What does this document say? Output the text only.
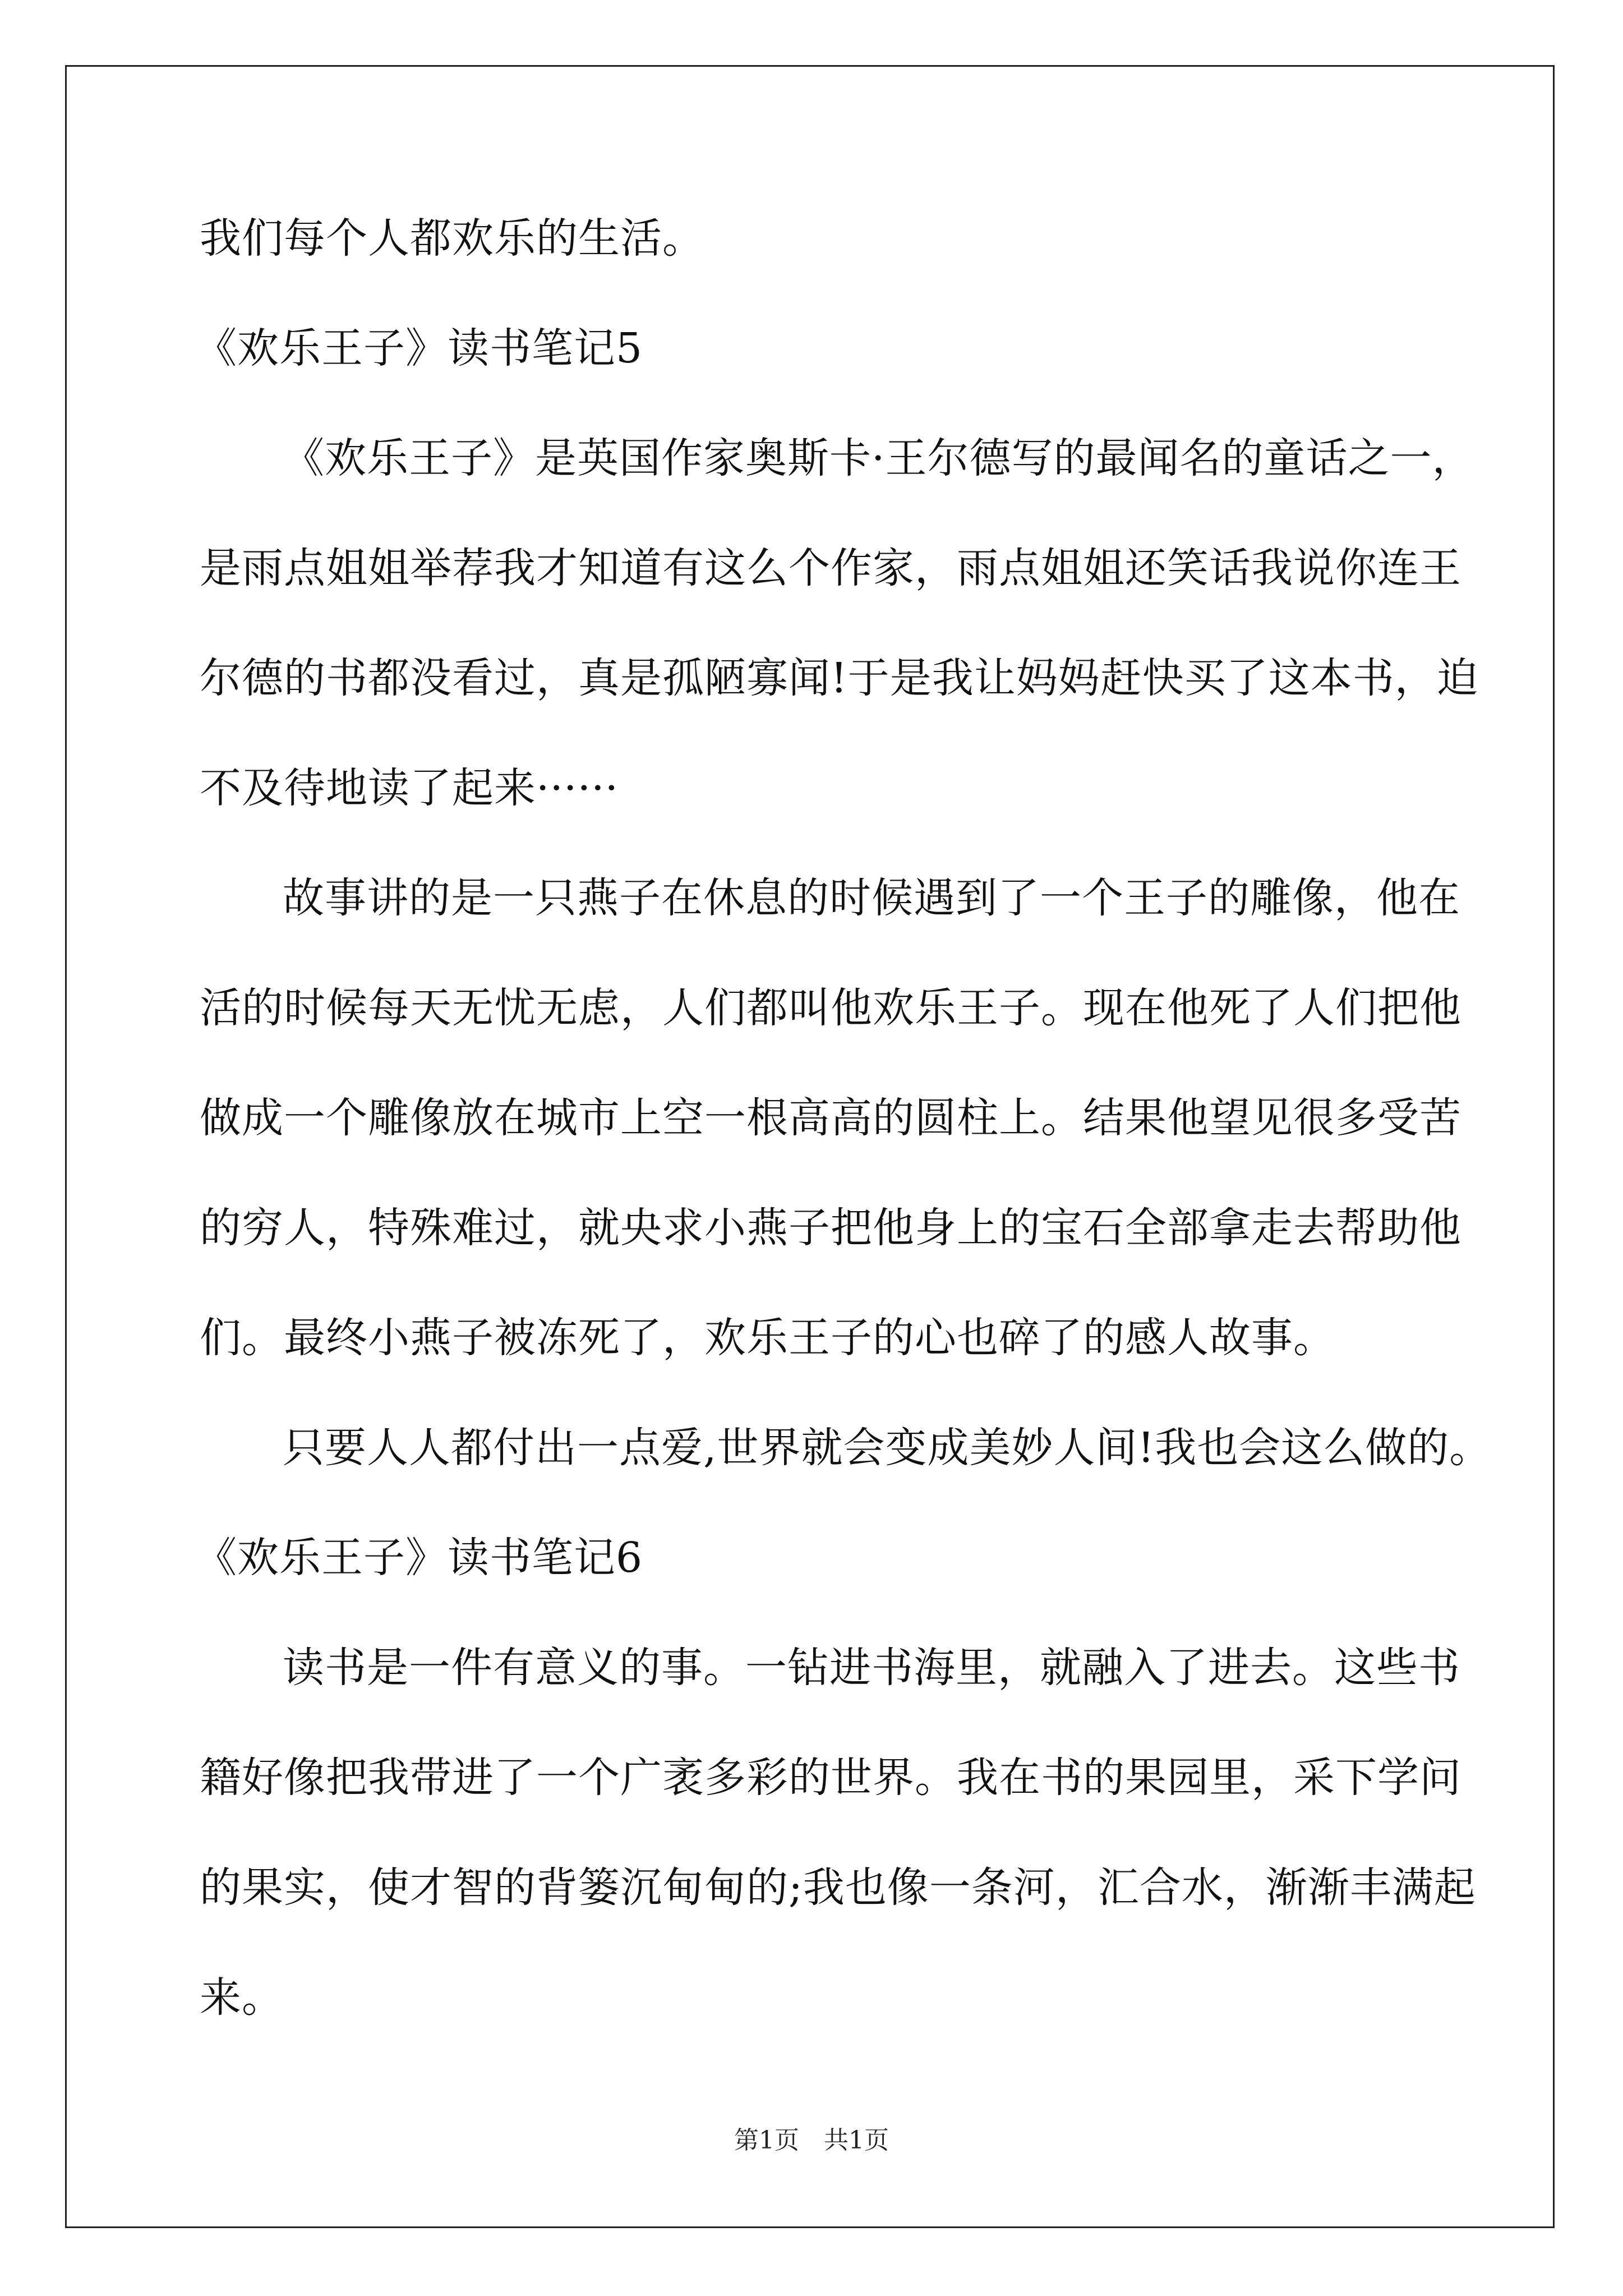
我们每个人都欢乐的生活。
《欢乐王子》读书笔记5
《欢乐王子》是英国作家奥斯卡·王尔德写的最闻名的童话之一，
是雨点姐姐举荐我才知道有这么个作家，雨点姐姐还笑话我说你连王
尔德的书都没看过，真是孤陋寡闻!于是我让妈妈赶快买了这本书，迫
不及待地读了起来······
故事讲的是一只燕子在休息的时候遇到了一个王子的雕像，他在
活的时候每天无忧无虑，人们都叫他欢乐王子。现在他死了人们把他
做成一个雕像放在城市上空一根高高的圆柱上。结果他望见很多受苦
的穷人，特殊难过，就央求小燕子把他身上的宝石全部拿走去帮助他
们。最终小燕子被冻死了，欢乐王子的心也碎了的感人故事。
只要人人都付出一点爱,世界就会变成美妙人间!我也会这么做的。
《欢乐王子》读书笔记6
读书是一件有意义的事。一钻进书海里，就融入了进去。这些书
籍好像把我带进了一个广袤多彩的世界。我在书的果园里，采下学问
的果实，使才智的背篓沉甸甸的;我也像一条河，汇合水，渐渐丰满起
来。
第1页　共1页
